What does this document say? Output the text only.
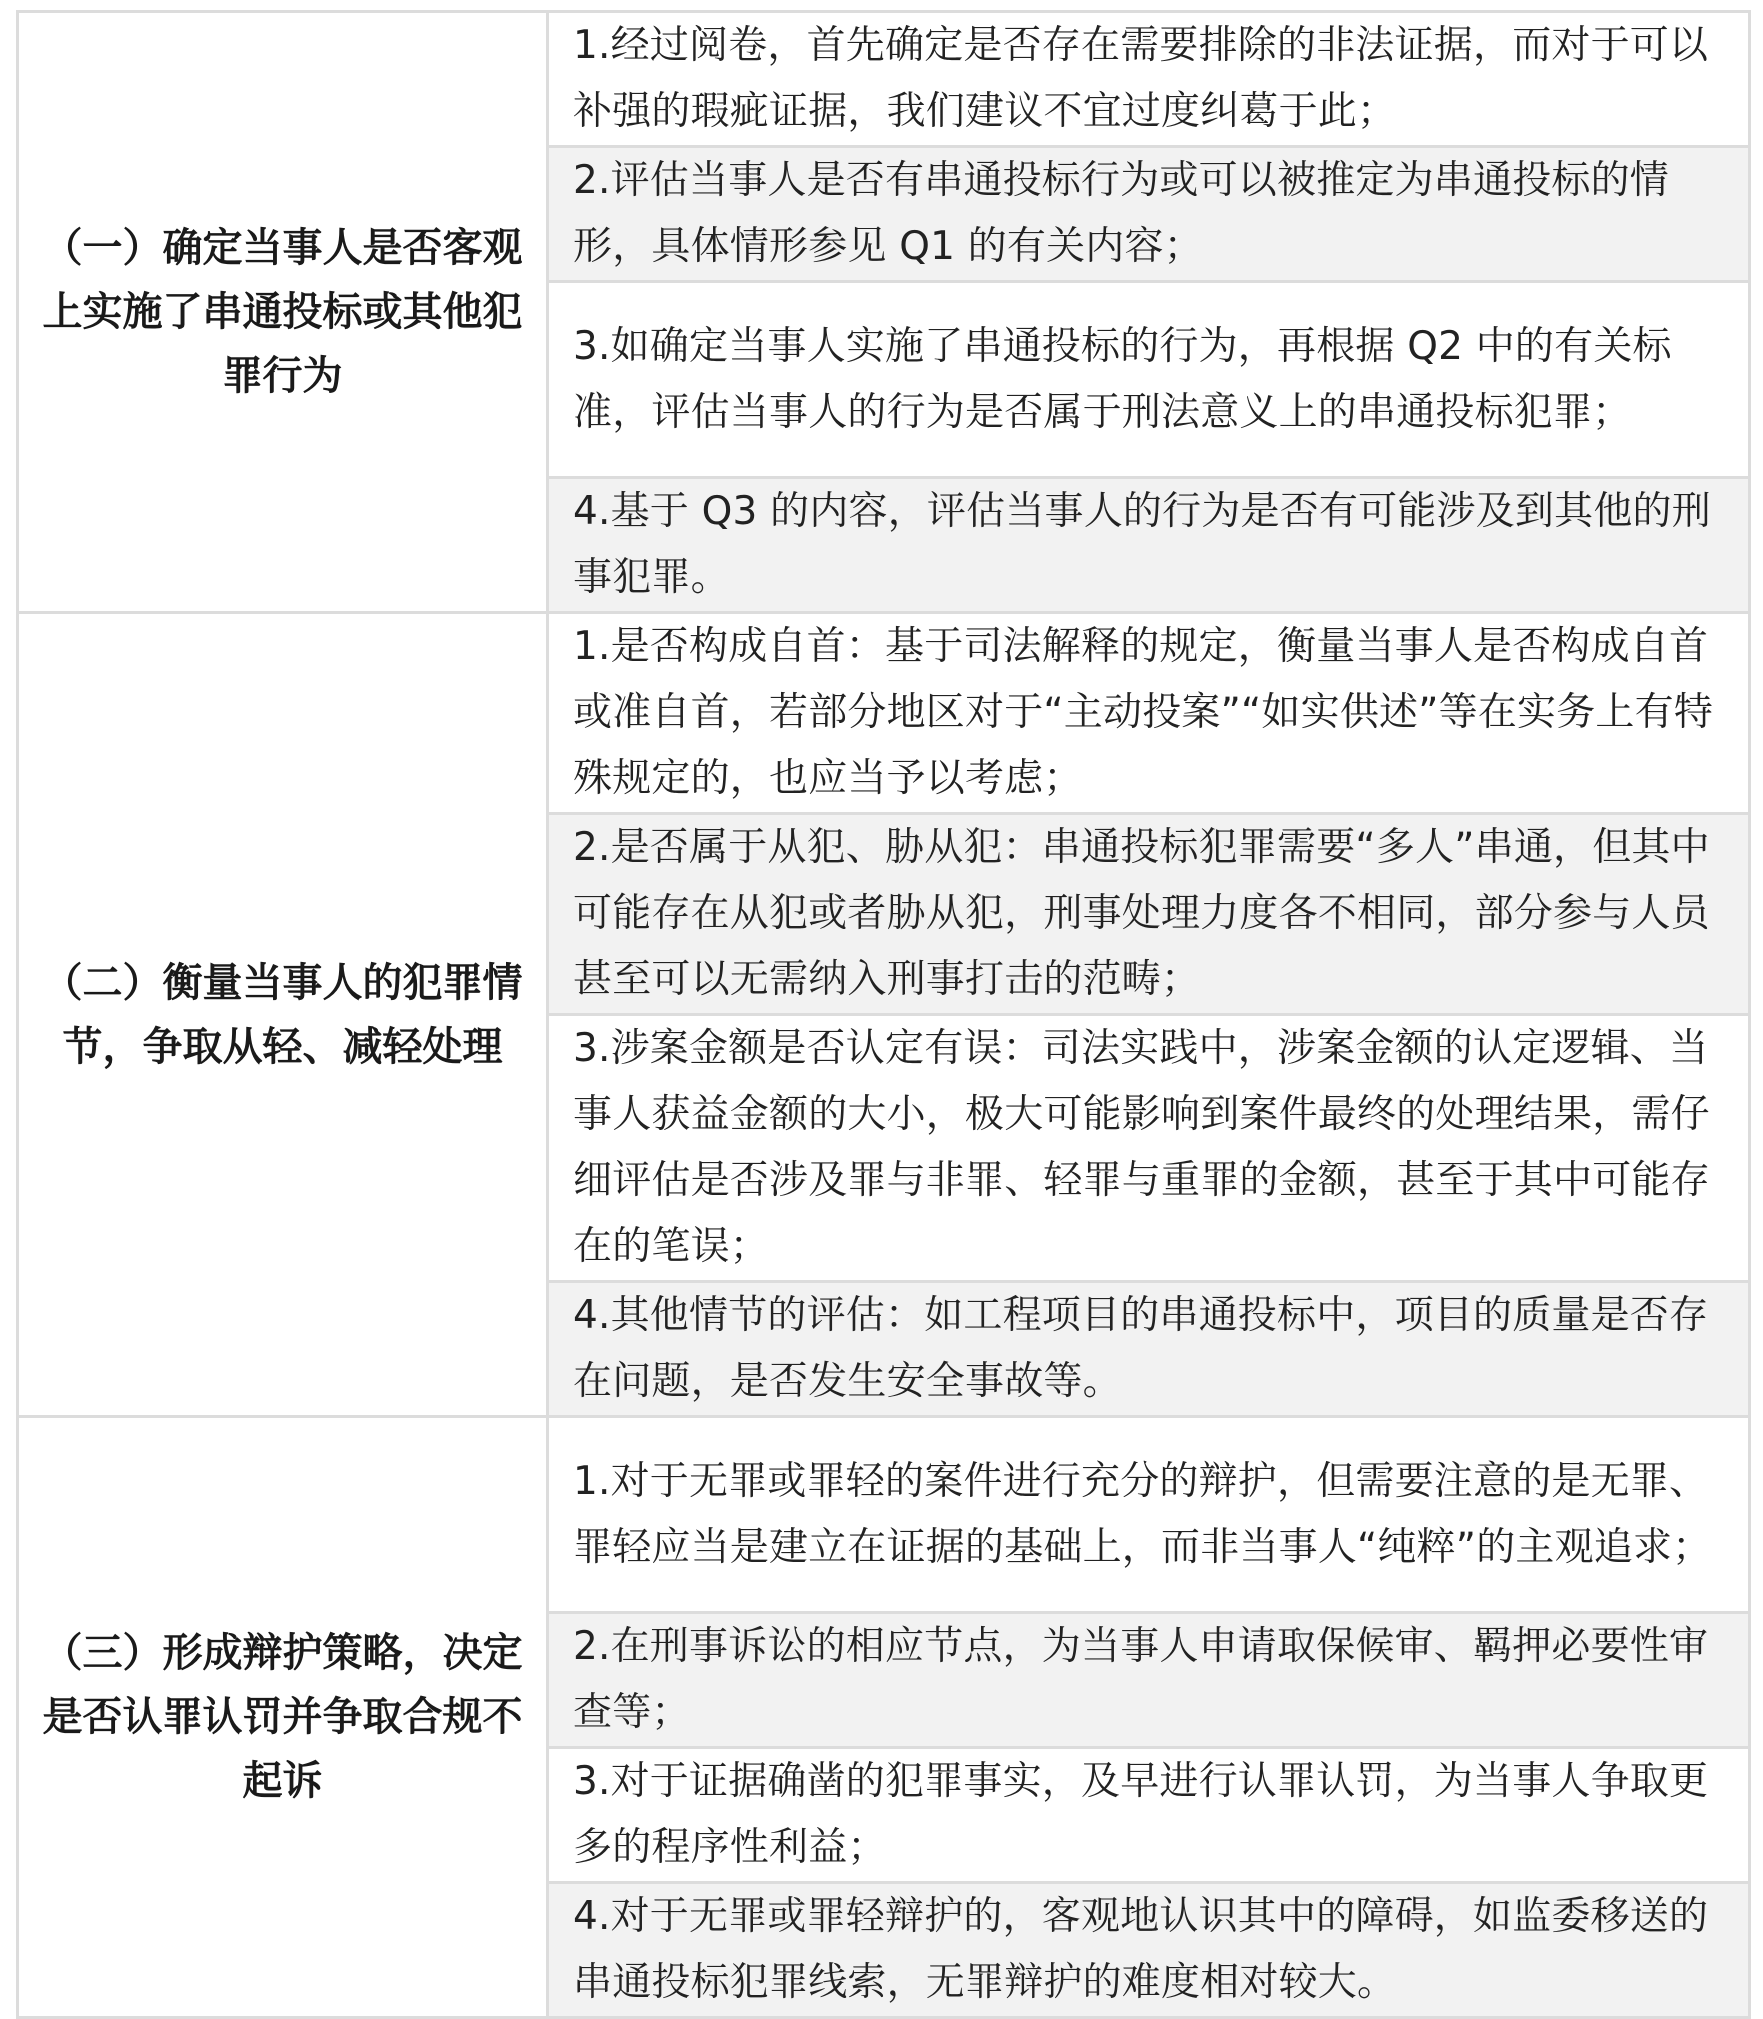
（一）确定当事人是否客观上实施了串通投标或其他犯罪行为	1.经过阅卷，首先确定是否存在需要排除的非法证据，而对于可以补强的瑕疵证据，我们建议不宜过度纠葛于此；
	2.评估当事人是否有串通投标行为或可以被推定为串通投标的情形，具体情形参见 Q1 的有关内容；
	3.如确定当事人实施了串通投标的行为，再根据 Q2 中的有关标准，评估当事人的行为是否属于刑法意义上的串通投标犯罪；
	4.基于 Q3 的内容，评估当事人的行为是否有可能涉及到其他的刑事犯罪。
（二）衡量当事人的犯罪情节，争取从轻、减轻处理	1.是否构成自首：基于司法解释的规定，衡量当事人是否构成自首或准自首，若部分地区对于“主动投案”“如实供述”等在实务上有特殊规定的，也应当予以考虑；
	2.是否属于从犯、胁从犯：串通投标犯罪需要“多人”串通，但其中可能存在从犯或者胁从犯，刑事处理力度各不相同，部分参与人员甚至可以无需纳入刑事打击的范畴；
	3.涉案金额是否认定有误：司法实践中，涉案金额的认定逻辑、当事人获益金额的大小，极大可能影响到案件最终的处理结果，需仔细评估是否涉及罪与非罪、轻罪与重罪的金额，甚至于其中可能存在的笔误；
	4.其他情节的评估：如工程项目的串通投标中，项目的质量是否存在问题，是否发生安全事故等。
（三）形成辩护策略，决定是否认罪认罚并争取合规不起诉	1.对于无罪或罪轻的案件进行充分的辩护，但需要注意的是无罪、罪轻应当是建立在证据的基础上，而非当事人“纯粹”的主观追求；
	2.在刑事诉讼的相应节点，为当事人申请取保候审、羁押必要性审查等；
	3.对于证据确凿的犯罪事实，及早进行认罪认罚，为当事人争取更多的程序性利益；
	4.对于无罪或罪轻辩护的，客观地认识其中的障碍，如监委移送的串通投标犯罪线索，无罪辩护的难度相对较大。
